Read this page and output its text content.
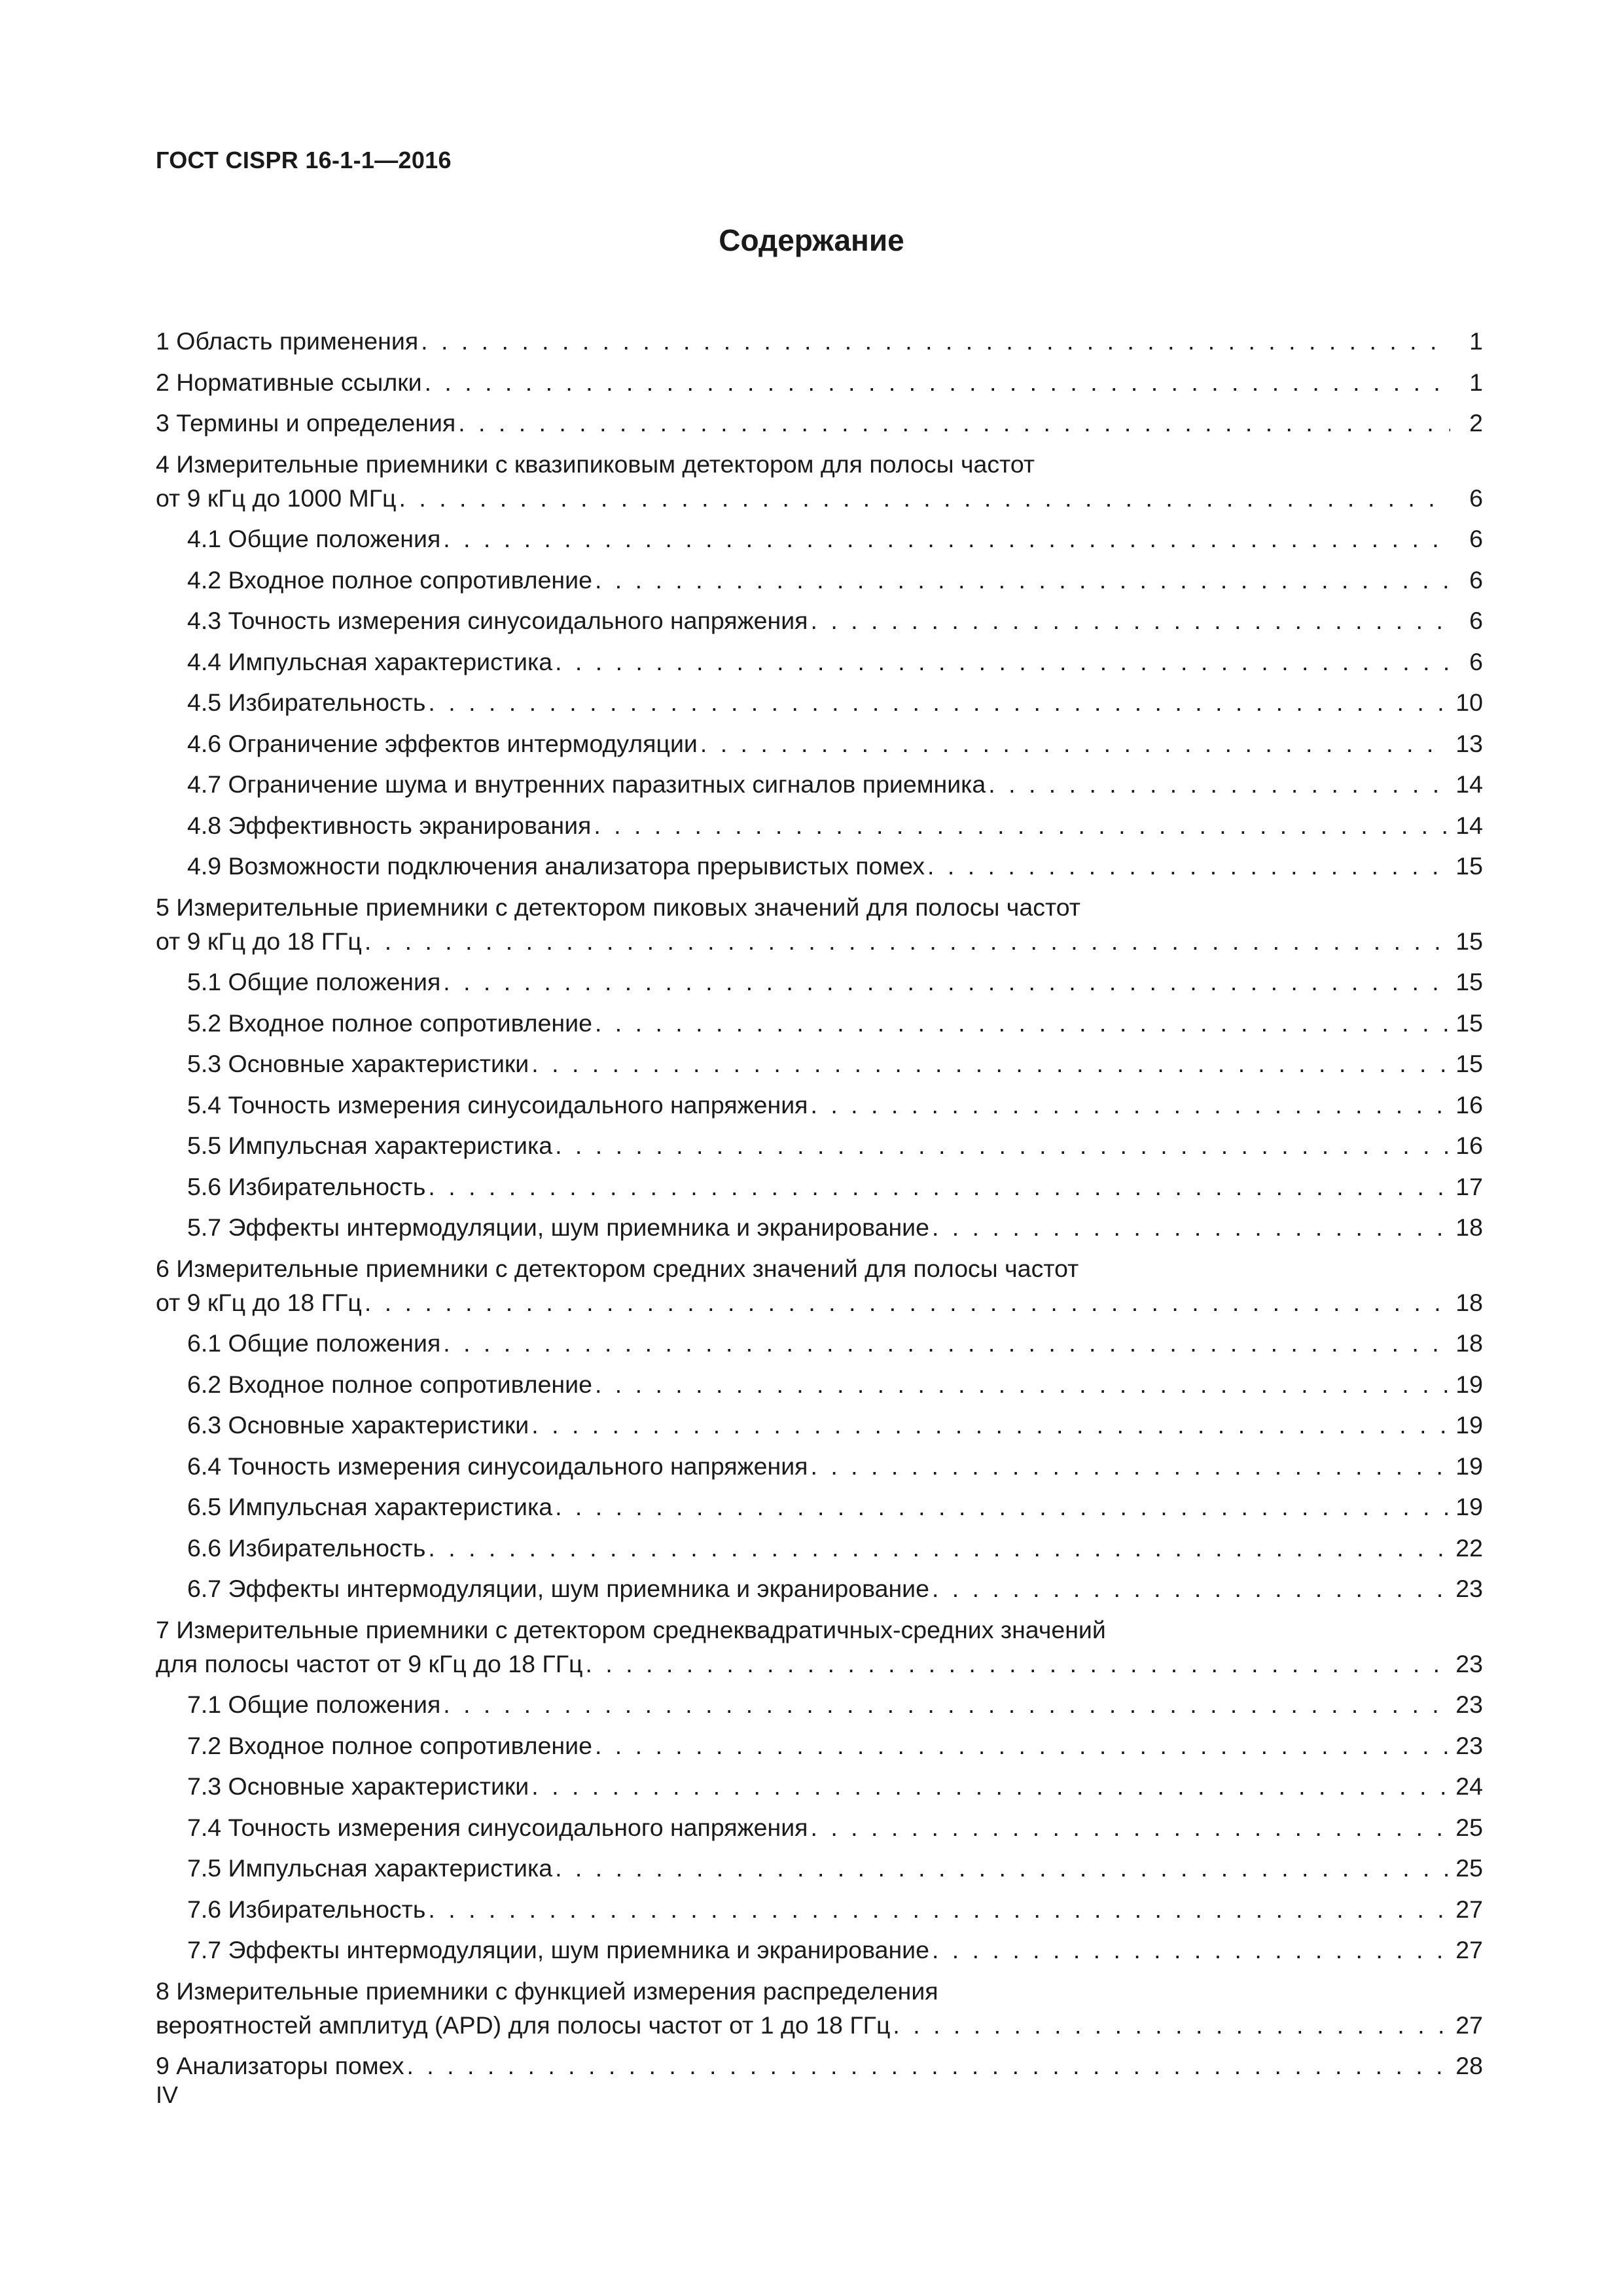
ГОСТ CISPR 16-1-1—2016
Содержание
1 Область применения . . .	1
2 Нормативные ссылки . . .	1
3 Термины и определения . . .	2
4 Измерительные приемники с квазипиковым детектором для полосы частот
от 9 кГц до 1000 МГц . . .	6
4.1 Общие положения . . .	6
4.2 Входное полное сопротивление . . .	6
4.3 Точность измерения синусоидального напряжения . . .	6
4.4 Импульсная характеристика . . .	6
4.5 Избирательность . . .	10
4.6 Ограничение эффектов интермодуляции . . .	13
4.7 Ограничение шума и внутренних паразитных сигналов приемника . . .	14
4.8 Эффективность экранирования . . .	14
4.9 Возможности подключения анализатора прерывистых помех . . .	15
5 Измерительные приемники с детектором пиковых значений для полосы частот
от 9 кГц до 18 ГГц . . .	15
5.1 Общие положения . . .	15
5.2 Входное полное сопротивление . . .	15
5.3 Основные характеристики . . .	15
5.4 Точность измерения синусоидального напряжения . . .	16
5.5 Импульсная характеристика . . .	16
5.6 Избирательность . . .	17
5.7 Эффекты интермодуляции, шум приемника и экранирование . . .	18
6 Измерительные приемники с детектором средних значений для полосы частот
от 9 кГц до 18 ГГц . . .	18
6.1 Общие положения . . .	18
6.2 Входное полное сопротивление . . .	19
6.3 Основные характеристики . . .	19
6.4 Точность измерения синусоидального напряжения . . .	19
6.5 Импульсная характеристика . . .	19
6.6 Избирательность . . .	22
6.7 Эффекты интермодуляции, шум приемника и экранирование . . .	23
7 Измерительные приемники с детектором среднеквадратичных-средних значений
для полосы частот от 9 кГц до 18 ГГц . . .	23
7.1 Общие положения . . .	23
7.2 Входное полное сопротивление . . .	23
7.3 Основные характеристики . . .	24
7.4 Точность измерения синусоидального напряжения . . .	25
7.5 Импульсная характеристика . . .	25
7.6 Избирательность . . .	27
7.7 Эффекты интермодуляции, шум приемника и экранирование . . .	27
8 Измерительные приемники с функцией измерения распределения
вероятностей амплитуд (APD) для полосы частот от 1 до 18 ГГц . . .	27
9 Анализаторы помех . . .	28
IV
